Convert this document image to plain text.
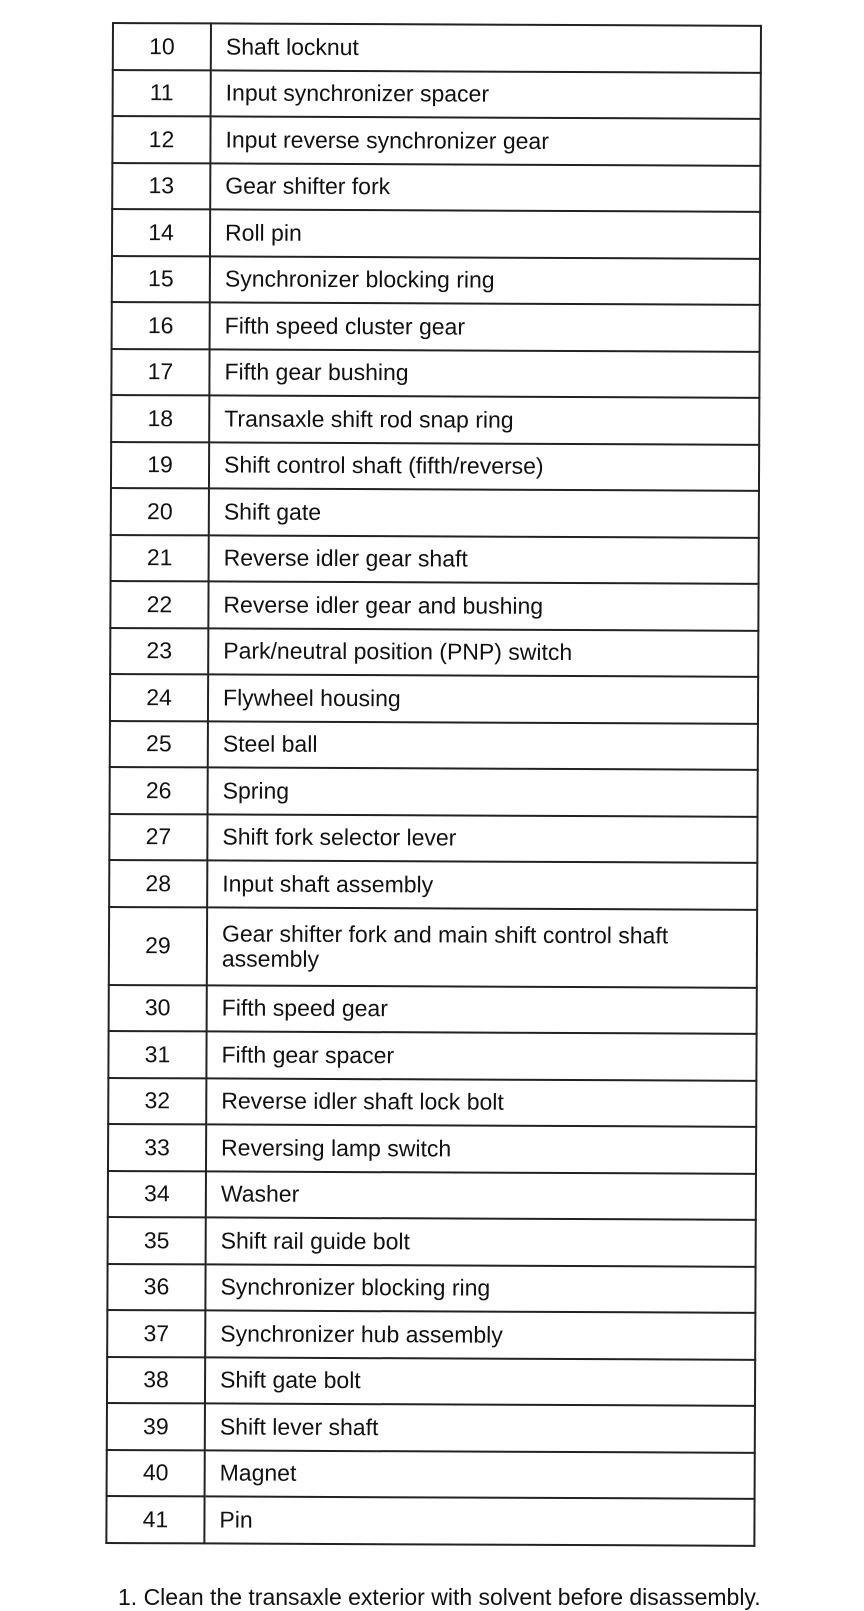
10	Shaft locknut
11	Input synchronizer spacer
12	Input reverse synchronizer gear
13	Gear shifter fork
14	Roll pin
15	Synchronizer blocking ring
16	Fifth speed cluster gear
17	Fifth gear bushing
18	Transaxle shift rod snap ring
19	Shift control shaft (fifth/reverse)
20	Shift gate
21	Reverse idler gear shaft
22	Reverse idler gear and bushing
23	Park/neutral position (PNP) switch
24	Flywheel housing
25	Steel ball
26	Spring
27	Shift fork selector lever
28	Input shaft assembly
29	Gear shifter fork and main shift control shaft assembly
30	Fifth speed gear
31	Fifth gear spacer
32	Reverse idler shaft lock bolt
33	Reversing lamp switch
34	Washer
35	Shift rail guide bolt
36	Synchronizer blocking ring
37	Synchronizer hub assembly
38	Shift gate bolt
39	Shift lever shaft
40	Magnet
41	Pin
1. Clean the transaxle exterior with solvent before disassembly.
